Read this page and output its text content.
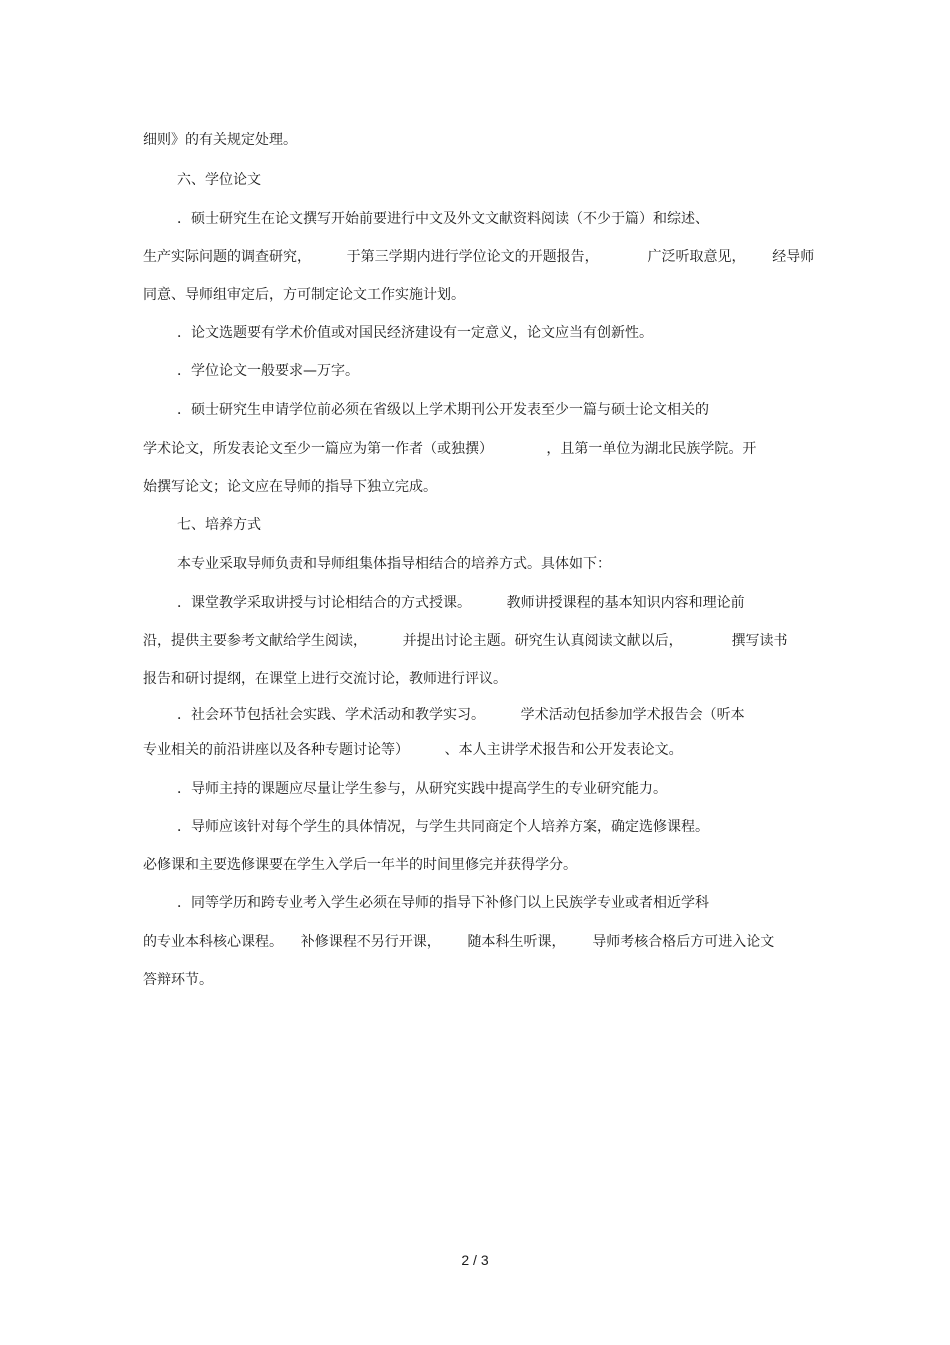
细则》的有关规定处理。
六、学位论文
．硕士研究生在论文撰写开始前要进行中文及外文文献资料阅读（不少于篇）和综述、
生产实际问题的调查研究，        于第三学期内进行学位论文的开题报告，           广泛听取意见，      经导师
同意、导师组审定后，方可制定论文工作实施计划。
．论文选题要有学术价值或对国民经济建设有一定意义，论文应当有创新性。
．学位论文一般要求—万字。
．硕士研究生申请学位前必须在省级以上学术期刊公开发表至少一篇与硕士论文相关的
学术论文，所发表论文至少一篇应为第一作者（或独撰）            ，且第一单位为湖北民族学院。开
始撰写论文；论文应在导师的指导下独立完成。
七、培养方式
本专业采取导师负责和导师组集体指导相结合的培养方式。具体如下：
．课堂教学采取讲授与讨论相结合的方式授课。        教师讲授课程的基本知识内容和理论前
沿，提供主要参考文献给学生阅读，        并提出讨论主题。研究生认真阅读文献以后，           撰写读书
报告和研讨提纲，在课堂上进行交流讨论，教师进行评议。
．社会环节包括社会实践、学术活动和教学实习。        学术活动包括参加学术报告会（听本
专业相关的前沿讲座以及各种专题讨论等）        、本人主讲学术报告和公开发表论文。
．导师主持的课题应尽量让学生参与，从研究实践中提高学生的专业研究能力。
．导师应该针对每个学生的具体情况，与学生共同商定个人培养方案，确定选修课程。
必修课和主要选修课要在学生入学后一年半的时间里修完并获得学分。
．同等学历和跨专业考入学生必须在导师的指导下补修门以上民族学专业或者相近学科
的专业本科核心课程。    补修课程不另行开课，      随本科生听课，      导师考核合格后方可进入论文
答辩环节。
2 / 3
